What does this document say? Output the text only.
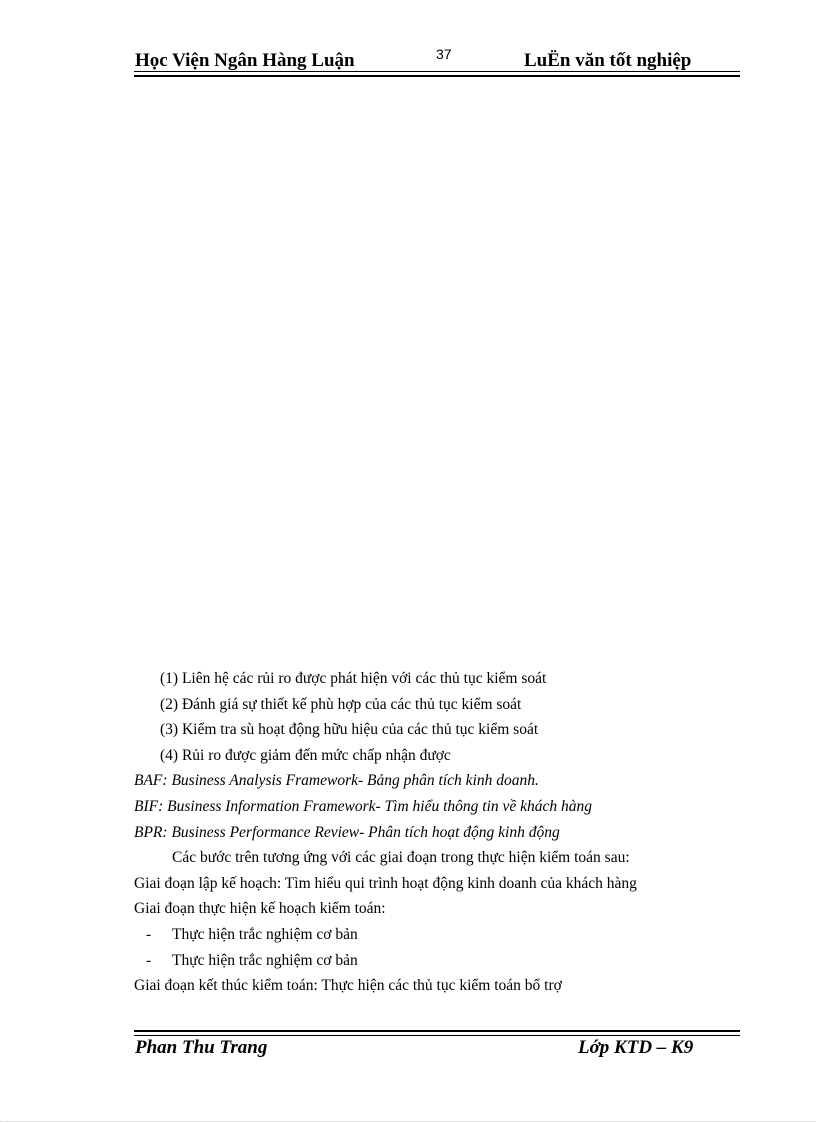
Học Viện Ngân Hàng Luận	37	LuËn văn tốt nghiệp
(1) Liên hệ các rủi ro được phát hiện với các thủ tục kiểm soát
(2) Đánh giá sự thiết kế phù hợp của các thủ tục kiểm soát
(3) Kiểm tra sù hoạt động hữu hiệu của các thủ tục kiểm soát
(4) Rủi ro được giảm đến mức chấp nhận được
BAF: Business Analysis Framework- Bảng phân tích kinh doanh.
BIF: Business Information Framework- Tìm hiểu thông tin về khách hàng
BPR: Business Performance Review- Phân tích hoạt động kinh động
Các bước trên tương ứng với các giai đoạn trong thực hiện kiểm toán sau:
Giai đoạn lập kế hoạch: Tìm hiểu qui trình hoạt động kinh doanh của khách hàng
Giai đoạn thực hiện kế hoạch kiểm toán:
- Thực hiện trắc nghiệm cơ bản
- Thực hiện trắc nghiệm cơ bản
Giai đoạn kết thúc kiểm toán: Thực hiện các thủ tục kiểm toán bổ trợ
Phan Thu Trang	Lớp KTD – K9
